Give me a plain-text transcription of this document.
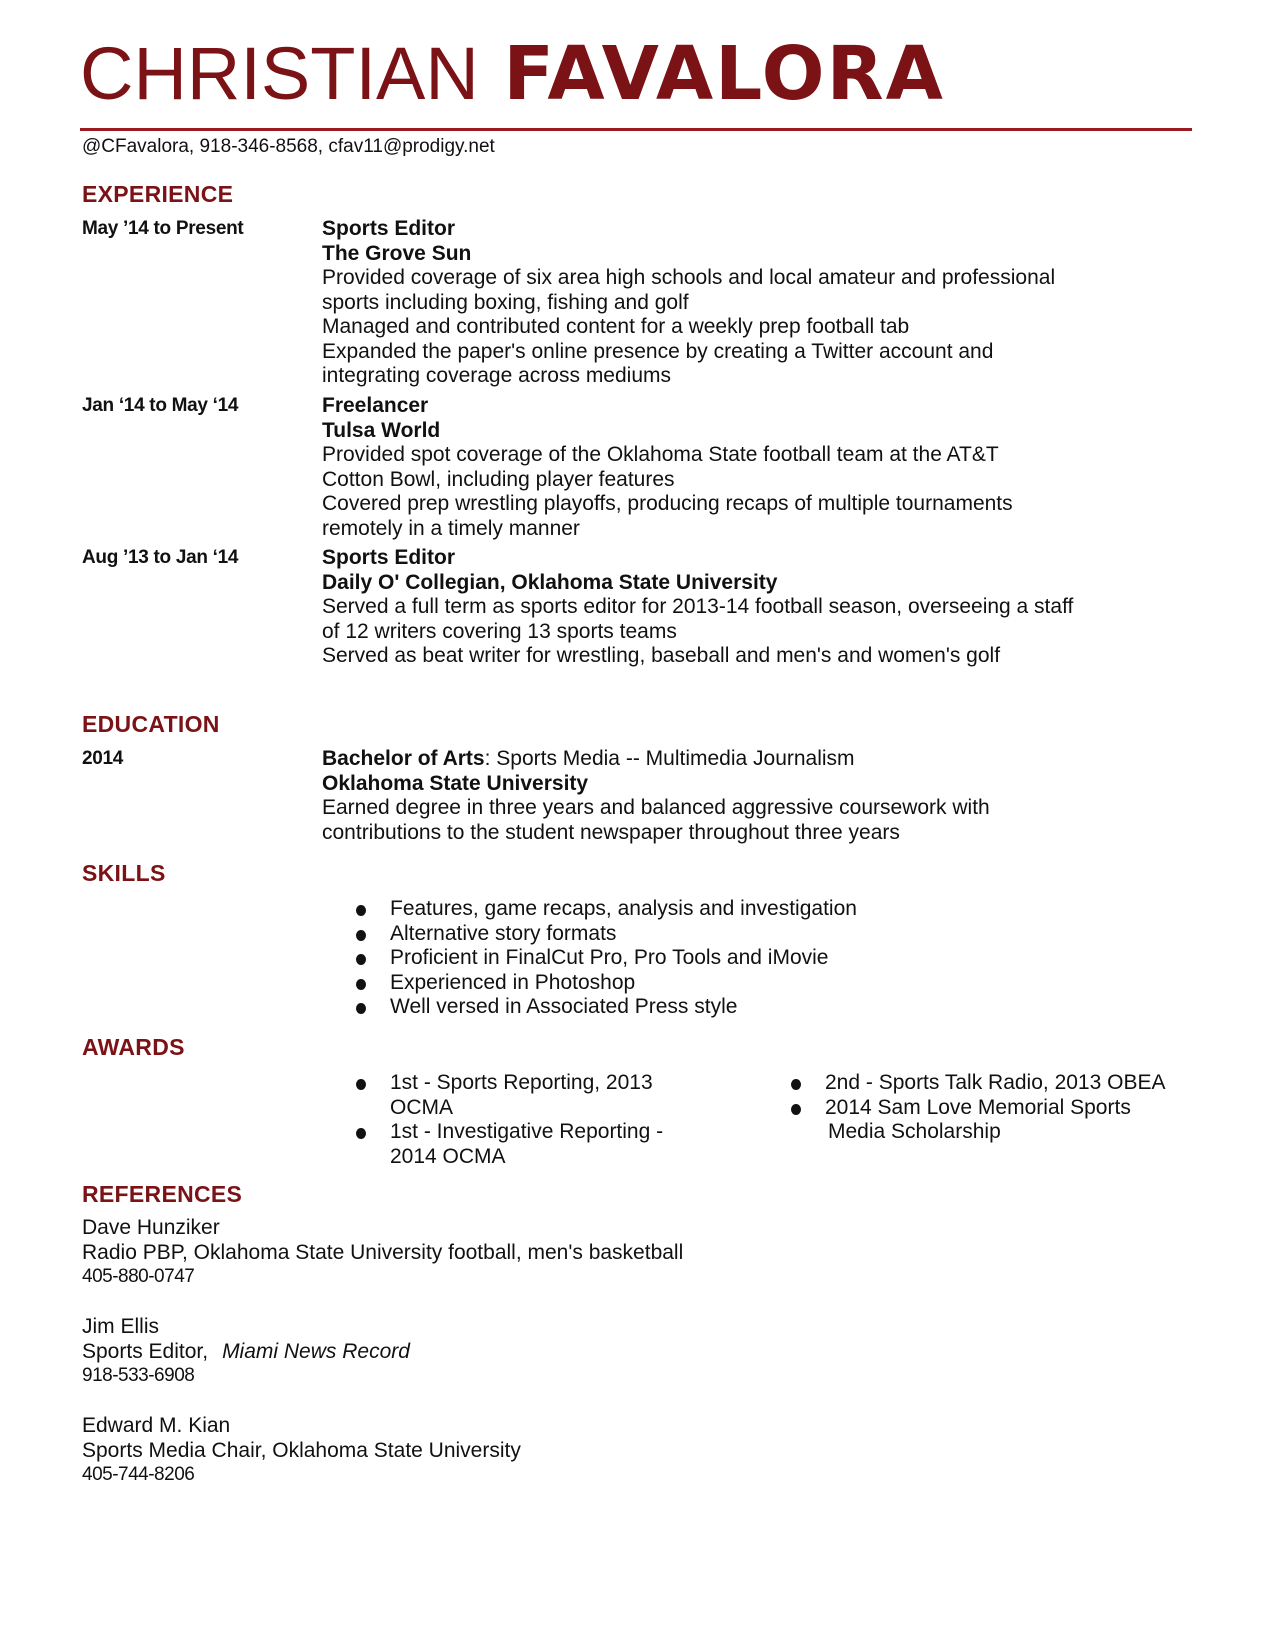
CHRISTIAN FAVALORA
@CFavalora, 918-346-8568, cfav11@prodigy.net
EXPERIENCE
May ’14 to Present	Sports Editor
The Grove Sun
Provided coverage of six area high schools and local amateur and professional
sports including boxing, fishing and golf
Managed and contributed content for a weekly prep football tab
Expanded the paper's online presence by creating a Twitter account and
integrating coverage across mediums
Jan ‘14 to May ‘14	Freelancer
Tulsa World
Provided spot coverage of the Oklahoma State football team at the AT&T
Cotton Bowl, including player features
Covered prep wrestling playoffs, producing recaps of multiple tournaments
remotely in a timely manner
Aug ’13 to Jan ‘14	Sports Editor
Daily O' Collegian, Oklahoma State University
Served a full term as sports editor for 2013-14 football season, overseeing a staff
of 12 writers covering 13 sports teams
Served as beat writer for wrestling, baseball and men's and women's golf
EDUCATION
2014	Bachelor of Arts: Sports Media -- Multimedia Journalism
Oklahoma State University
Earned degree in three years and balanced aggressive coursework with
contributions to the student newspaper throughout three years
SKILLS
Features, game recaps, analysis and investigation
Alternative story formats
Proficient in FinalCut Pro, Pro Tools and iMovie
Experienced in Photoshop
Well versed in Associated Press style
AWARDS
1st - Sports Reporting, 2013
OCMA
1st - Investigative Reporting -
2014 OCMA
2nd - Sports Talk Radio, 2013 OBEA
2014 Sam Love Memorial Sports
Media Scholarship
REFERENCES
Dave Hunziker
Radio PBP, Oklahoma State University football, men's basketball
405-880-0747
Jim Ellis
Sports Editor, Miami News Record
918-533-6908
Edward M. Kian
Sports Media Chair, Oklahoma State University
405-744-8206
